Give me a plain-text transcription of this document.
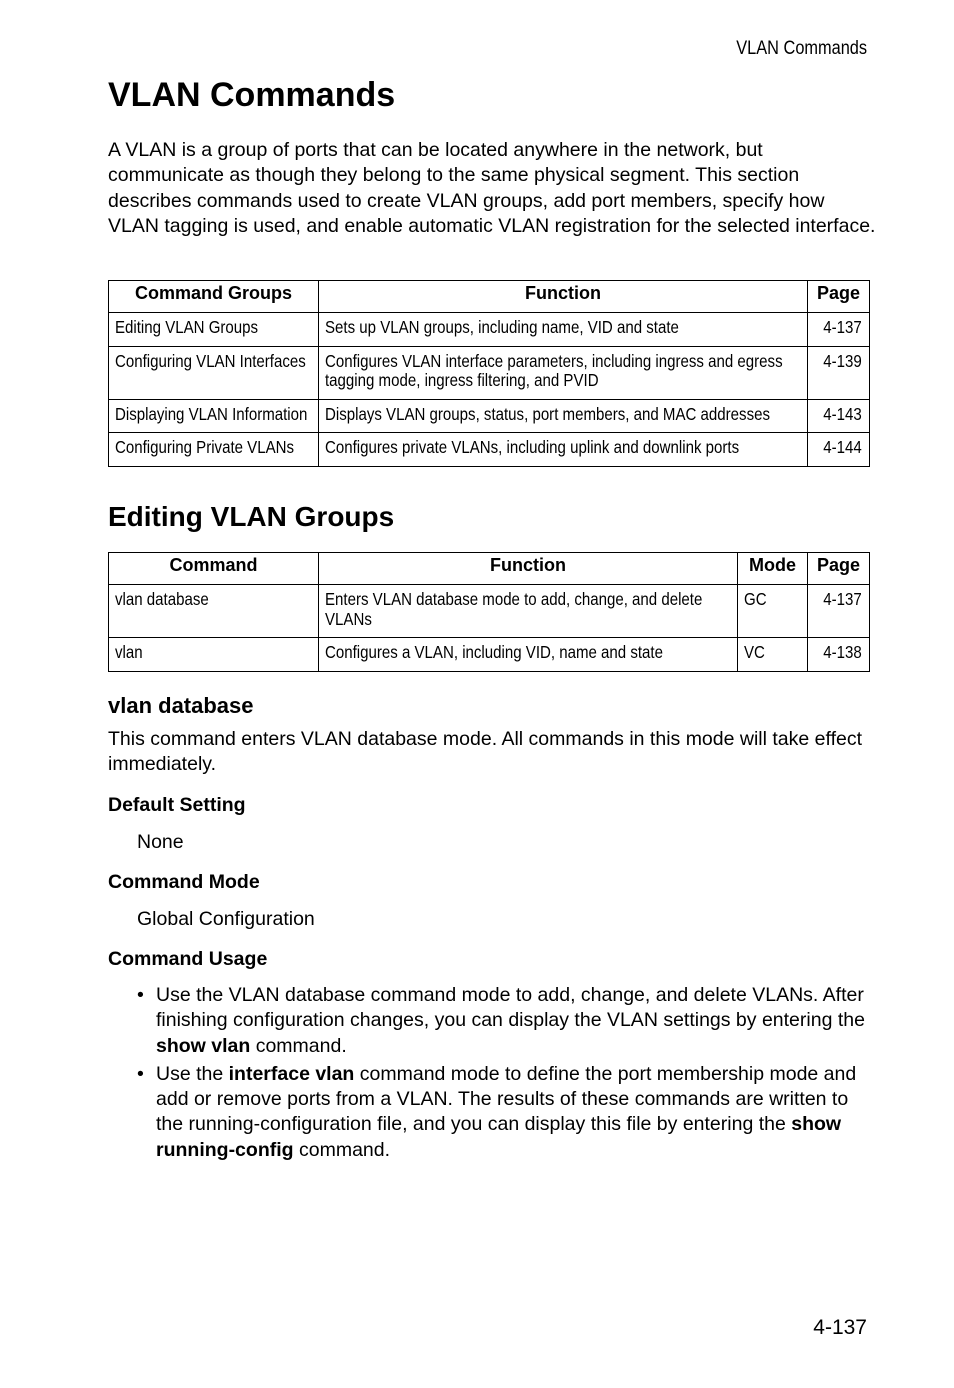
VLAN Commands
VLAN Commands

A VLAN is a group of ports that can be located anywhere in the network, but communicate as though they belong to the same physical segment. This section describes commands used to create VLAN groups, add port members, specify how VLAN tagging is used, and enable automatic VLAN registration for the selected interface.

Command Groups	Function	Page
Editing VLAN Groups	Sets up VLAN groups, including name, VID and state	4-137
Configuring VLAN Interfaces	Configures VLAN interface parameters, including ingress and egress tagging mode, ingress filtering, and PVID	4-139
Displaying VLAN Information	Displays VLAN groups, status, port members, and MAC addresses	4-143
Configuring Private VLANs	Configures private VLANs, including uplink and downlink ports	4-144
Editing VLAN Groups
Command	Function	Mode	Page
vlan database	Enters VLAN database mode to add, change, and delete VLANs	GC	4-137
vlan	Configures a VLAN, including VID, name and state	VC	4-138
vlan database

This command enters VLAN database mode. All commands in this mode will take effect immediately.

Default Setting

None

Command Mode

Global Configuration

Command Usage
• Use the VLAN database command mode to add, change, and delete VLANs. After finishing configuration changes, you can display the VLAN settings by entering the show vlan command.
• Use the interface vlan command mode to define the port membership mode and add or remove ports from a VLAN. The results of these commands are written to the running-configuration file, and you can display this file by entering the show running-config command.
4-137
